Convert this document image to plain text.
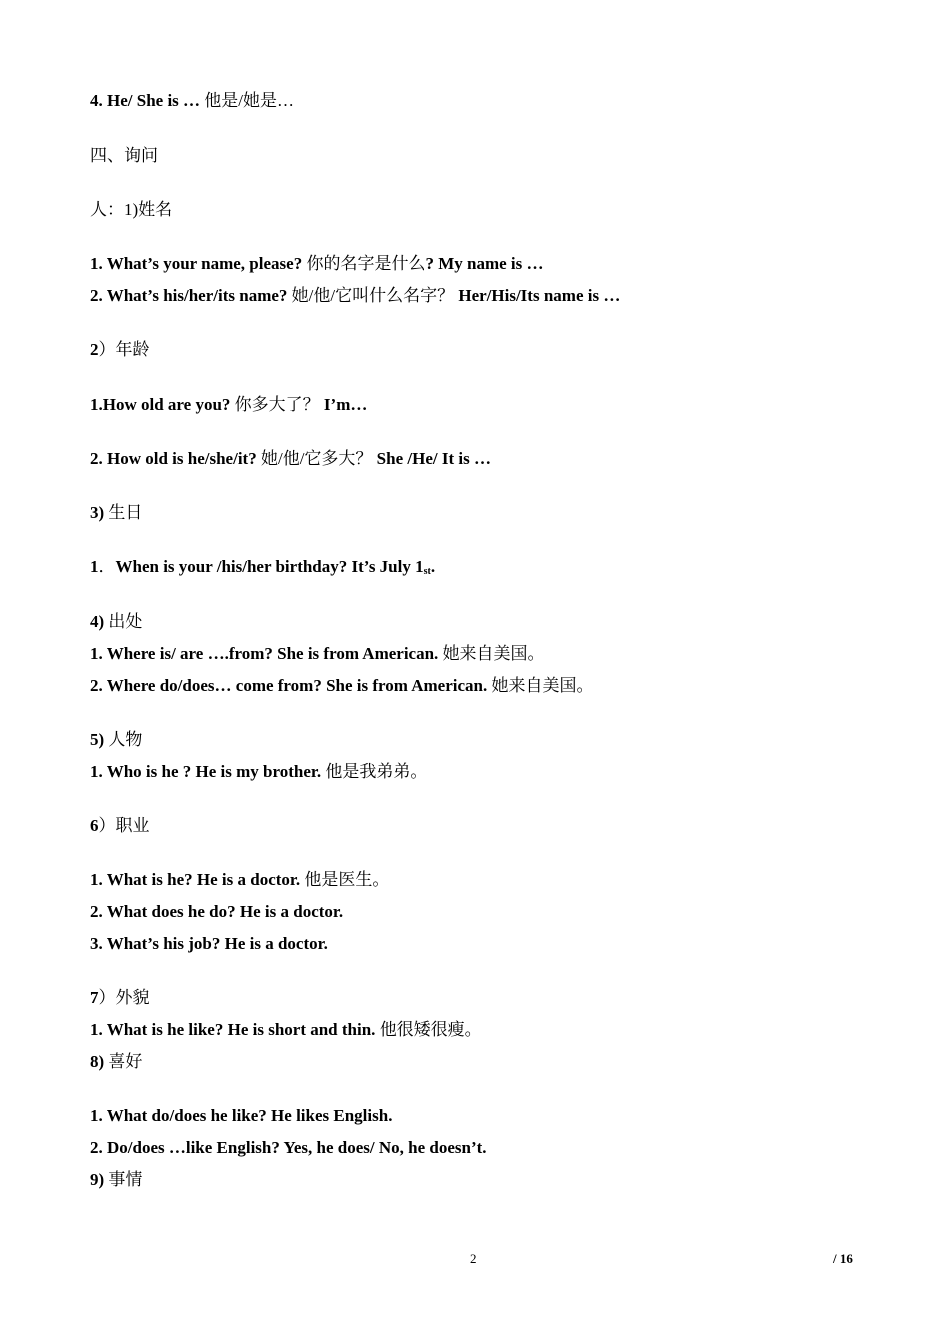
4. He/ She is … 他是/她是…
四、询问
人：1)姓名
1. What’s your name, please? 你的名字是什么? My name is …
2. What’s his/her/its name? 她/他/它叫什么名字？ Her/His/Its name is …
2）年龄
1.How old are you? 你多大了？ I’m…
2. How old is he/she/it? 她/他/它多大？ She /He/ It is …
3) 生日
1．When is your /his/her birthday? It’s July 1st.
4) 出处
1. Where is/ are ….from? She is from American. 她来自美国。
2. Where do/does… come from? She is from American. 她来自美国。
5) 人物
1. Who is he ? He is my brother. 他是我弟弟。
6）职业
1. What is he? He is a doctor. 他是医生。
2. What does he do? He is a doctor.
3. What’s his job? He is a doctor.
7）外貌
1. What is he like? He is short and thin. 他很矮很瘦。
8) 喜好
1. What do/does he like? He likes English.
2. Do/does …like English? Yes, he does/ No, he doesn’t.
9) 事情
2	/ 16
